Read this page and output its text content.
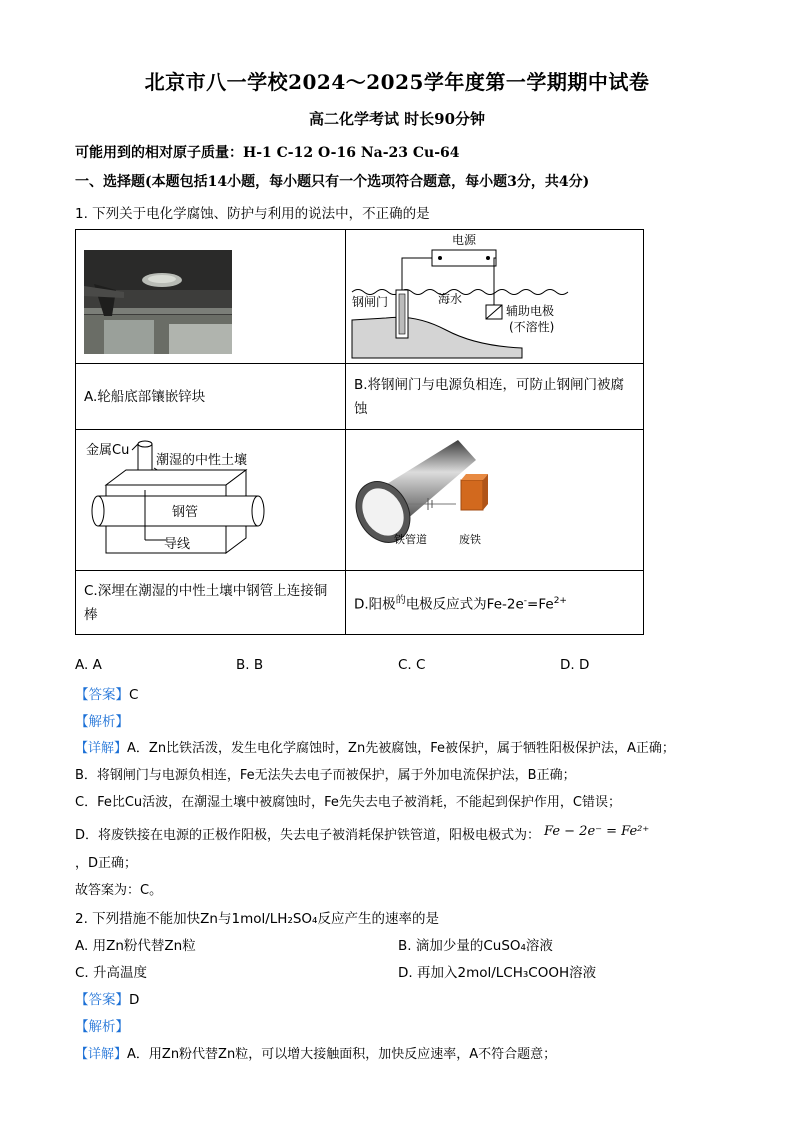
北京市八一学校2024～2025学年度第一学期期中试卷
高二化学考试 时长90分钟
可能用到的相对原子质量：H-1 C-12 O-16 Na-23 Cu-64
一、选择题(本题包括14小题，每小题只有一个选项符合题意，每小题3分，共4分)
1. 下列关于电化学腐蚀、防护与利用的说法中，不正确的是

电源
钢闸门 海水
辅助电极
(不溶性)

A.轮船底部镶嵌锌块	B.将钢闸门与电源负相连，可防止钢闸门被腐
蚀

金属Cu
潮湿的中性土壤
钢管
导线	铁管道 废铁

C.深埋在潮湿的中性土壤中钢管上连接铜
棒	D.阳极$^的$电极反应式为$Fe-2e^-=Fe^{2+}$
A. A	B. B	C. C	D. D
【答案】C
【解析】
【详解】A．Zn比铁活泼，发生电化学腐蚀时，Zn先被腐蚀，Fe被保护，属于牺牲阳极保护法，A正确；
B．将钢闸门与电源负相连，Fe无法失去电子而被保护，属于外加电流保护法，B正确；
C．Fe比Cu活波，在潮湿土壤中被腐蚀时，Fe先失去电子被消耗，不能起到保护作用，C错误；
D．将废铁接在电源的正极作阳极，失去电子被消耗保护铁管道，阳极电极式为： Fe − 2e⁻ = Fe²⁺
，D正确；
故答案为：C。
2. 下列措施不能加快Zn与1mol/LH₂SO₄反应产生的速率的是
A. 用Zn粉代替Zn粒	B. 滴加少量的CuSO₄溶液
C. 升高温度	D. 再加入2mol/LCH₃COOH溶液
【答案】D
【解析】
【详解】A．用Zn粉代替Zn粒，可以增大接触面积，加快反应速率，A不符合题意；
